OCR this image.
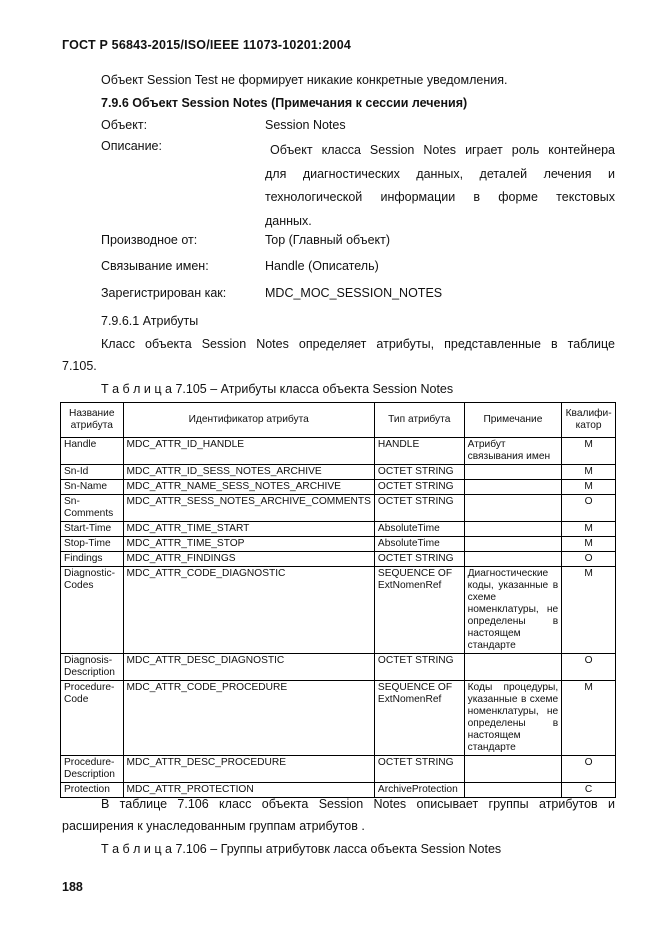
ГОСТ Р 56843-2015/ISO/IEEE 11073-10201:2004
Объект Session Test не формирует никакие конкретные уведомления.
7.9.6 Объект Session Notes (Примечания к сессии лечения)
Объект:	Session Notes
Описание:	Объект класса Session Notes играет роль контейнера
для диагностических данных, деталей лечения и
технологической информации в форме текстовых
данных.
Производное от:	Top (Главный объект)
Связывание имен:	Handle (Описатель)
Зарегистрирован как:	MDC_MOC_SESSION_NOTES
7.9.6.1 Атрибуты
Класс объекта Session Notes определяет атрибуты, представленные в таблице
7.105.
Т а б л и ц а 7.105 – Атрибуты класса объекта Session Notes
Название атрибута	Идентификатор атрибута	Тип атрибута	Примечание	Квалифи-катор
Handle	MDC_ATTR_ID_HANDLE	HANDLE	Атрибут связывания имен	M
Sn-Id	MDC_ATTR_ID_SESS_NOTES_ARCHIVE	OCTET STRING		M
Sn-Name	MDC_ATTR_NAME_SESS_NOTES_ARCHIVE	OCTET STRING		M
Sn-Comments	MDC_ATTR_SESS_NOTES_ARCHIVE_COMMENTS	OCTET STRING		O
Start-Time	MDC_ATTR_TIME_START	AbsoluteTime		M
Stop-Time	MDC_ATTR_TIME_STOP	AbsoluteTime		M
Findings	MDC_ATTR_FINDINGS	OCTET STRING		O
Diagnostic-Codes	MDC_ATTR_CODE_DIAGNOSTIC	SEQUENCE OF ExtNomenRef	Диагностические коды, указанные в схеме номенклатуры, не определены в настоящем стандарте	M
Diagnosis-Description	MDC_ATTR_DESC_DIAGNOSTIC	OCTET STRING		O
Procedure-Code	MDC_ATTR_CODE_PROCEDURE	SEQUENCE OF ExtNomenRef	Коды процедуры, указанные в схеме номенклатуры, не определены в настоящем стандарте	M
Procedure-Description	MDC_ATTR_DESC_PROCEDURE	OCTET STRING		O
Protection	MDC_ATTR_PROTECTION	ArchiveProtection		C
В таблице 7.106 класс объекта Session Notes описывает группы атрибутов и
расширения к унаследованным группам атрибутов .
Т а б л и ц а 7.106 – Группы атрибутовк ласса объекта Session Notes
188
